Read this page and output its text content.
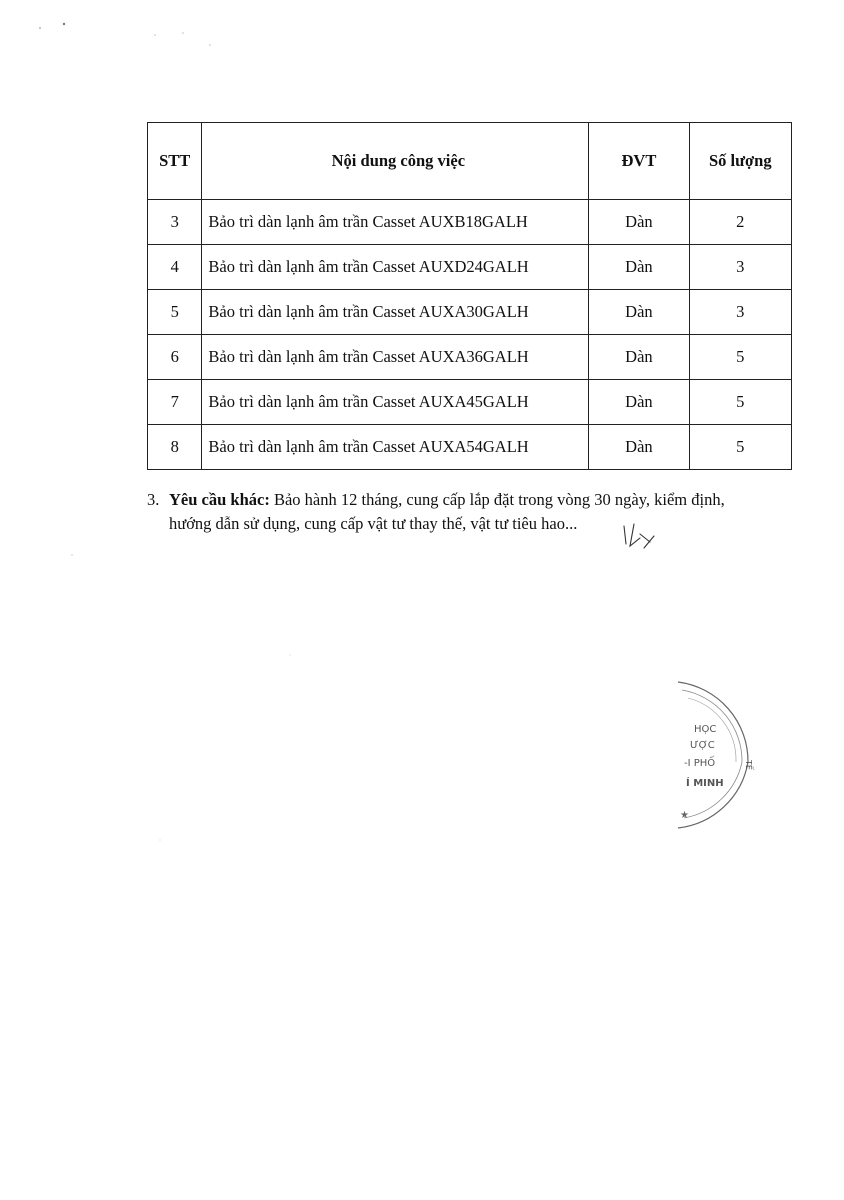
STT	Nội dung công việc	ĐVT	Số lượng
3	Bảo trì dàn lạnh âm trần Casset AUXB18GALH	Dàn	2
4	Bảo trì dàn lạnh âm trần Casset AUXD24GALH	Dàn	3
5	Bảo trì dàn lạnh âm trần Casset AUXA30GALH	Dàn	3
6	Bảo trì dàn lạnh âm trần Casset AUXA36GALH	Dàn	5
7	Bảo trì dàn lạnh âm trần Casset AUXA45GALH	Dàn	5
8	Bảo trì dàn lạnh âm trần Casset AUXA54GALH	Dàn	5
3. Yêu cầu khác: Bảo hành 12 tháng, cung cấp lắp đặt trong vòng 30 ngày, kiểm định,
hướng dẫn sử dụng, cung cấp vật tư thay thế, vật tư tiêu hao...
HỌC
ƯỢC
-I PHỐ
Í MINH
TẾ
★
